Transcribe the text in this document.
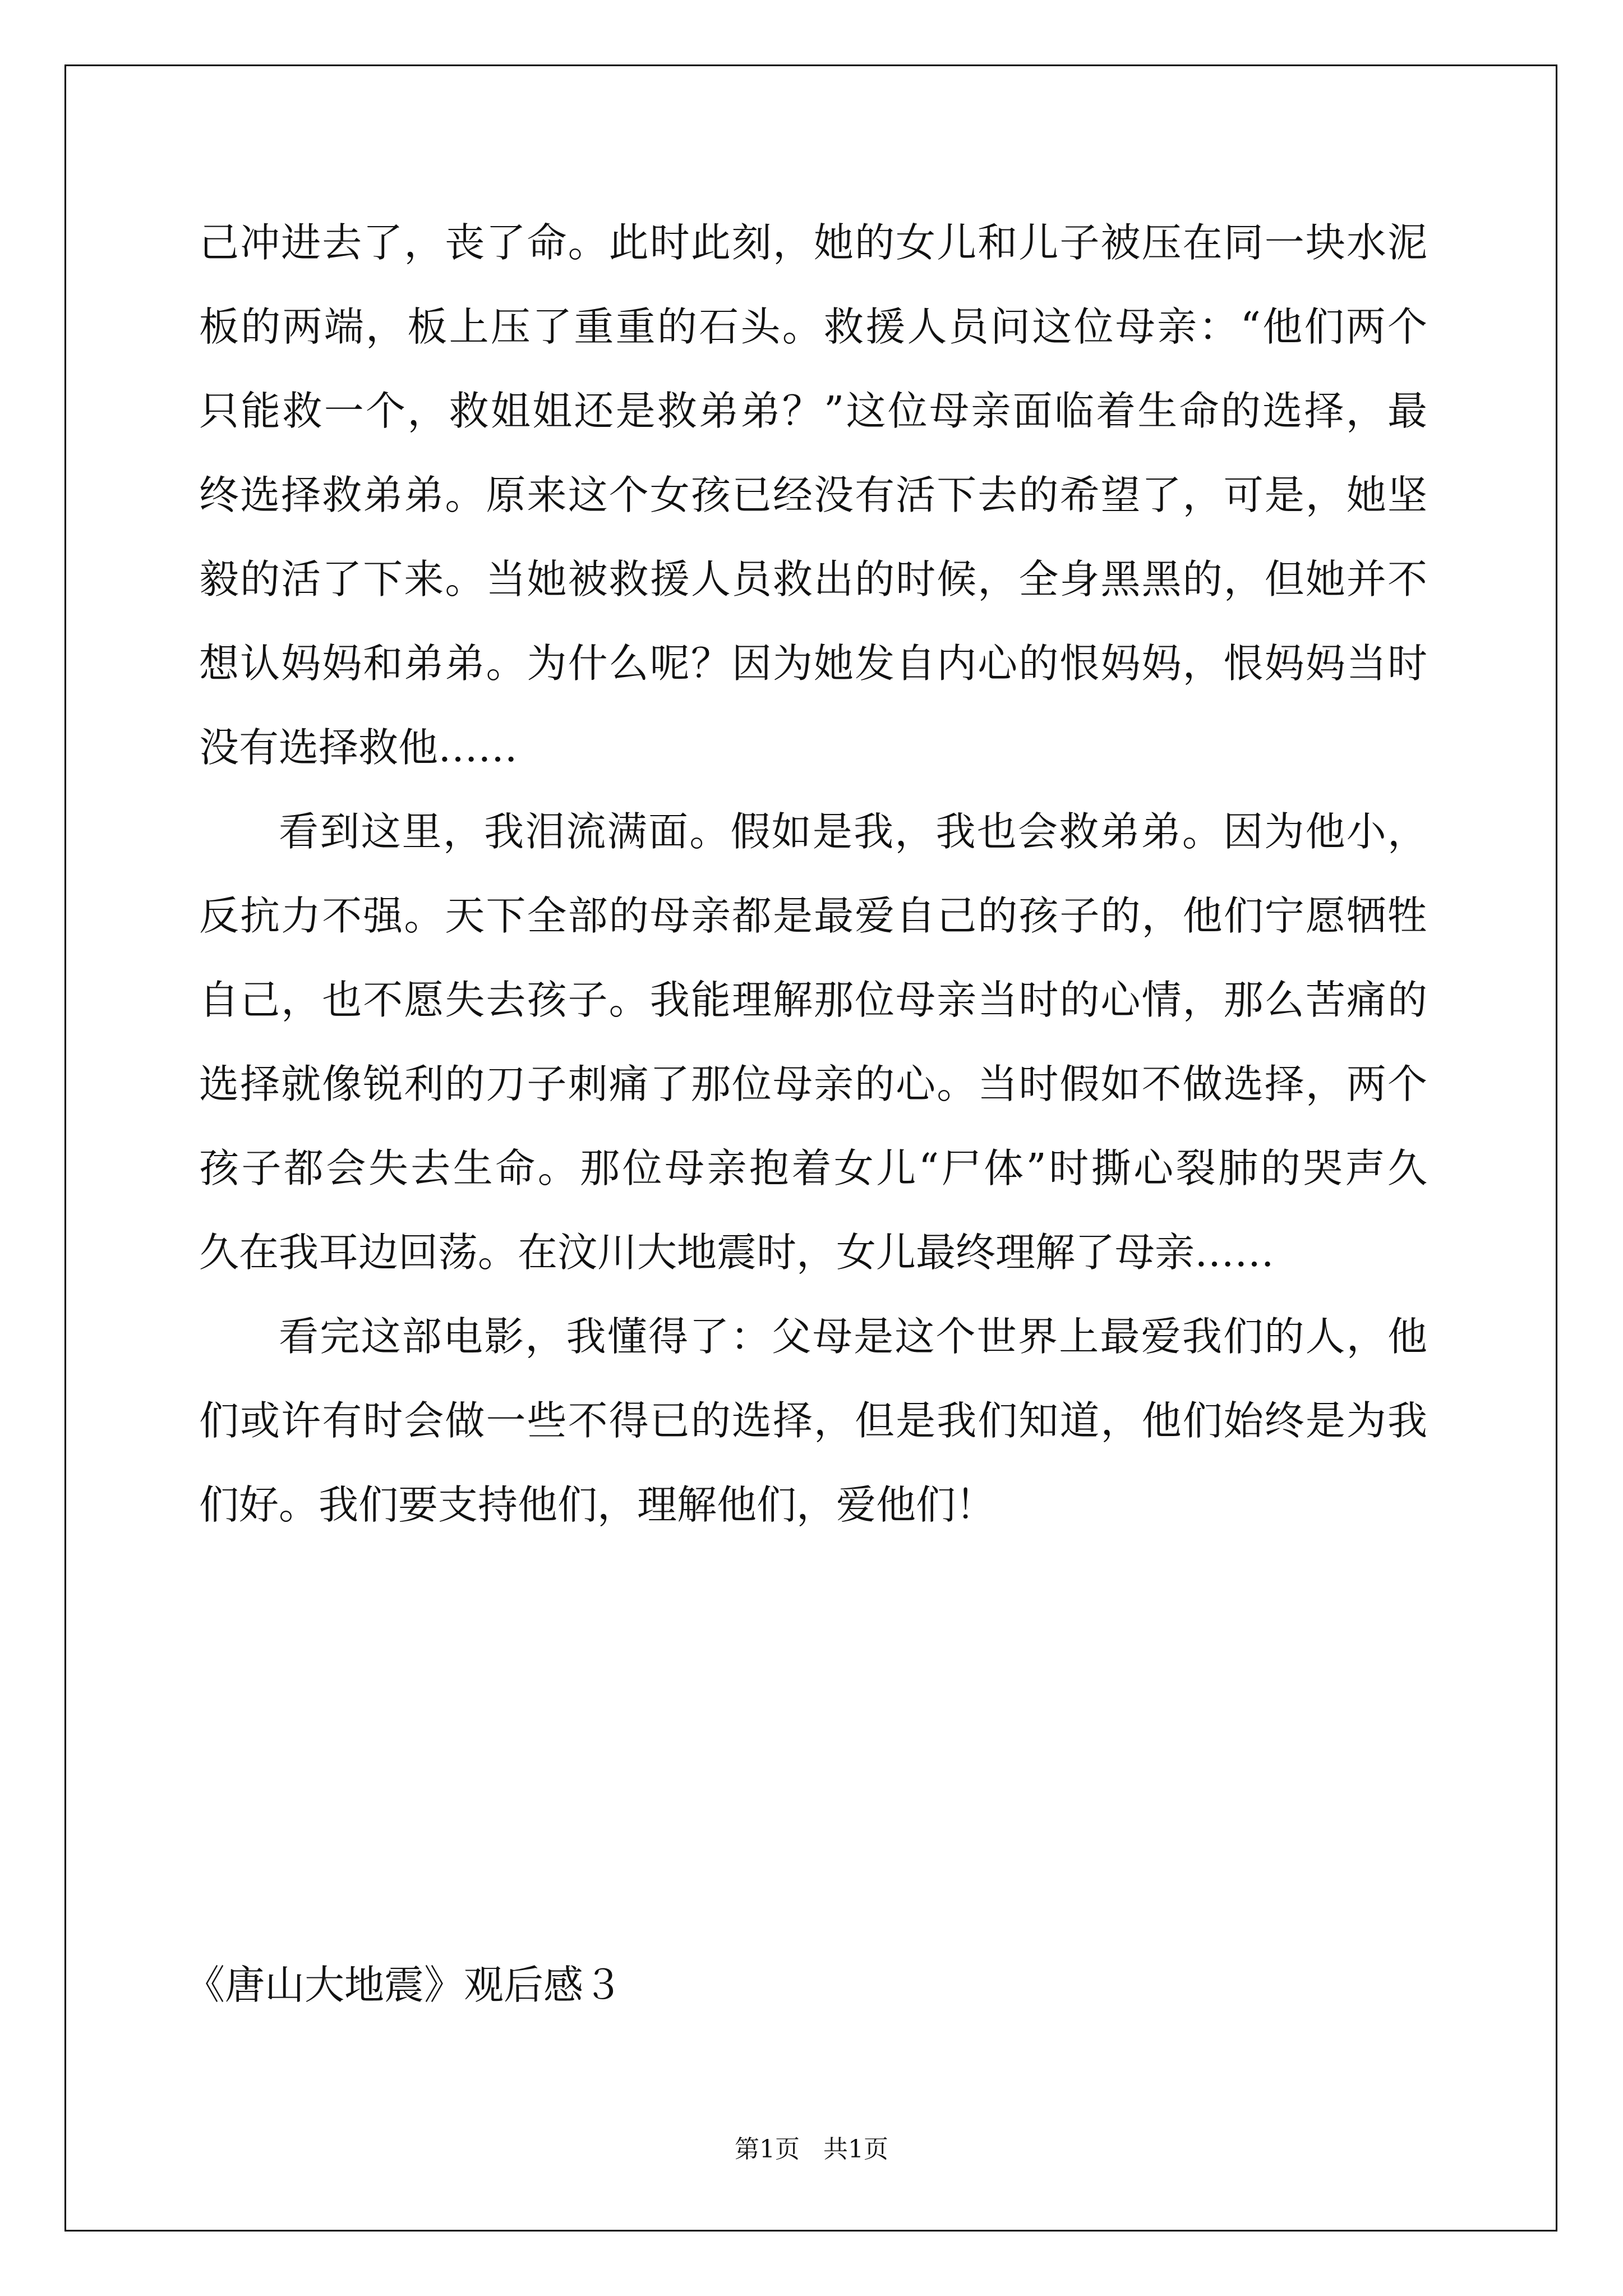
己冲进去了，丧了命。此时此刻，她的女儿和儿子被压在同一块水泥
板的两端，板上压了重重的石头。救援人员问这位母亲：“他们两个
只能救一个，救姐姐还是救弟弟？”这位母亲面临着生命的选择，最
终选择救弟弟。原来这个女孩已经没有活下去的希望了，可是，她坚
毅的活了下来。当她被救援人员救出的时候，全身黑黑的，但她并不
想认妈妈和弟弟。为什么呢？因为她发自内心的恨妈妈，恨妈妈当时
没有选择救他……
看到这里，我泪流满面。假如是我，我也会救弟弟。因为他小，
反抗力不强。天下全部的母亲都是最爱自己的孩子的，他们宁愿牺牲
自己，也不愿失去孩子。我能理解那位母亲当时的心情，那么苦痛的
选择就像锐利的刀子刺痛了那位母亲的心。当时假如不做选择，两个
孩子都会失去生命。那位母亲抱着女儿“尸体”时撕心裂肺的哭声久
久在我耳边回荡。在汶川大地震时，女儿最终理解了母亲……
看完这部电影，我懂得了：父母是这个世界上最爱我们的人，他
们或许有时会做一些不得已的选择，但是我们知道，他们始终是为我
们好。我们要支持他们，理解他们，爱他们！
《唐山大地震》观后感３
第1页   共1页
